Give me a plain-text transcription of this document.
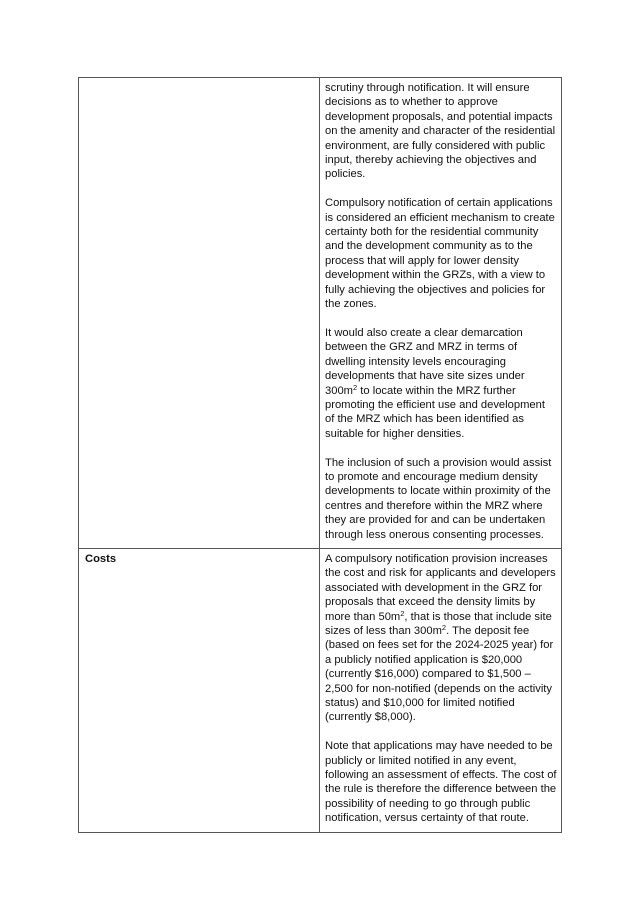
	scrutiny through notification. It will ensure decisions as to whether to approve development proposals, and potential impacts on the amenity and character of the residential environment, are fully considered with public input, thereby achieving the objectives and policies.

Compulsory notification of certain applications is considered an efficient mechanism to create certainty both for the residential community and the development community as to the process that will apply for lower density development within the GRZs, with a view to fully achieving the objectives and policies for the zones.

It would also create a clear demarcation between the GRZ and MRZ in terms of dwelling intensity levels encouraging developments that have site sizes under $300m^2$ to locate within the MRZ further promoting the efficient use and development of the MRZ which has been identified as suitable for higher densities.

The inclusion of such a provision would assist to promote and encourage medium density developments to locate within proximity of the centres and therefore within the MRZ where they are provided for and can be undertaken through less onerous consenting processes.

Costs	A compulsory notification provision increases the cost and risk for applicants and developers associated with development in the GRZ for proposals that exceed the density limits by more than $50m^2$, that is those that include site sizes of less than $300m^2$. The deposit fee (based on fees set for the 2024-2025 year) for a publicly notified application is $20,000 (currently $16,000) compared to $1,500 – 2,500 for non-notified (depends on the activity status) and $10,000 for limited notified (currently $8,000).

Note that applications may have needed to be publicly or limited notified in any event, following an assessment of effects. The cost of the rule is therefore the difference between the possibility of needing to go through public notification, versus certainty of that route.
